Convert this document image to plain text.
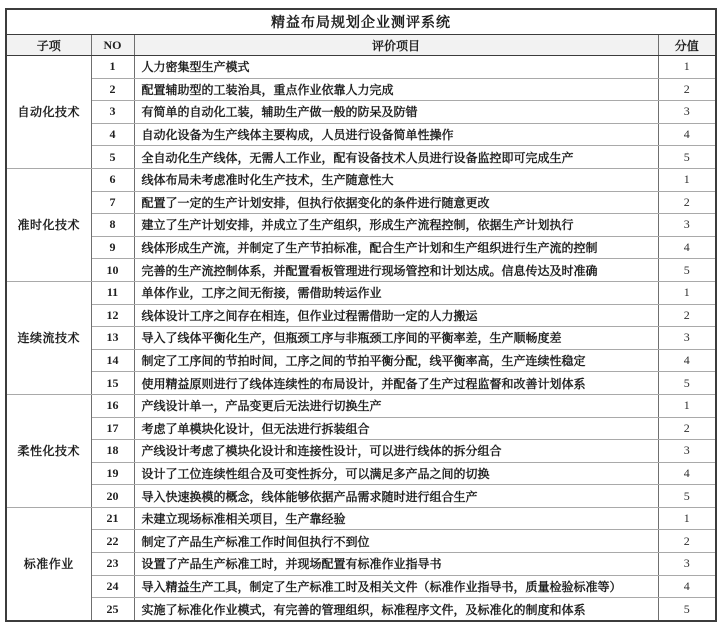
精益布局规划企业测评系统			
子项	NO	评价项目	分值
自动化技术	1	人力密集型生产模式	1
	2	配置辅助型的工装治具，重点作业依靠人力完成	2
	3	有简单的自动化工装，辅助生产做一般的防呆及防错	3
	4	自动化设备为生产线体主要构成，人员进行设备简单性操作	4
	5	全自动化生产线体，无需人工作业，配有设备技术人员进行设备监控即可完成生产	5
准时化技术	6	线体布局未考虑准时化生产技术，生产随意性大	1
	7	配置了一定的生产计划安排，但执行依据变化的条件进行随意更改	2
	8	建立了生产计划安排，并成立了生产组织，形成生产流程控制，依据生产计划执行	3
	9	线体形成生产流，并制定了生产节拍标准，配合生产计划和生产组织进行生产流的控制	4
	10	完善的生产流控制体系，并配置看板管理进行现场管控和计划达成。信息传达及时准确	5
连续流技术	11	单体作业，工序之间无衔接，需借助转运作业	1
	12	线体设计工序之间存在相连，但作业过程需借助一定的人力搬运	2
	13	导入了线体平衡化生产，但瓶颈工序与非瓶颈工序间的平衡率差，生产顺畅度差	3
	14	制定了工序间的节拍时间，工序之间的节拍平衡分配，线平衡率高，生产连续性稳定	4
	15	使用精益原则进行了线体连续性的布局设计，并配备了生产过程监督和改善计划体系	5
柔性化技术	16	产线设计单一，产品变更后无法进行切换生产	1
	17	考虑了单模块化设计，但无法进行拆装组合	2
	18	产线设计考虑了模块化设计和连接性设计，可以进行线体的拆分组合	3
	19	设计了工位连续性组合及可变性拆分，可以满足多产品之间的切换	4
	20	导入快速换模的概念，线体能够依据产品需求随时进行组合生产	5
标准作业	21	未建立现场标准相关项目，生产靠经验	1
	22	制定了产品生产标准工作时间但执行不到位	2
	23	设置了产品生产标准工时，并现场配置有标准作业指导书	3
	24	导入精益生产工具，制定了生产标准工时及相关文件（标准作业指导书，质量检验标准等）	4
	25	实施了标准化作业模式，有完善的管理组织，标准程序文件，及标准化的制度和体系	5
